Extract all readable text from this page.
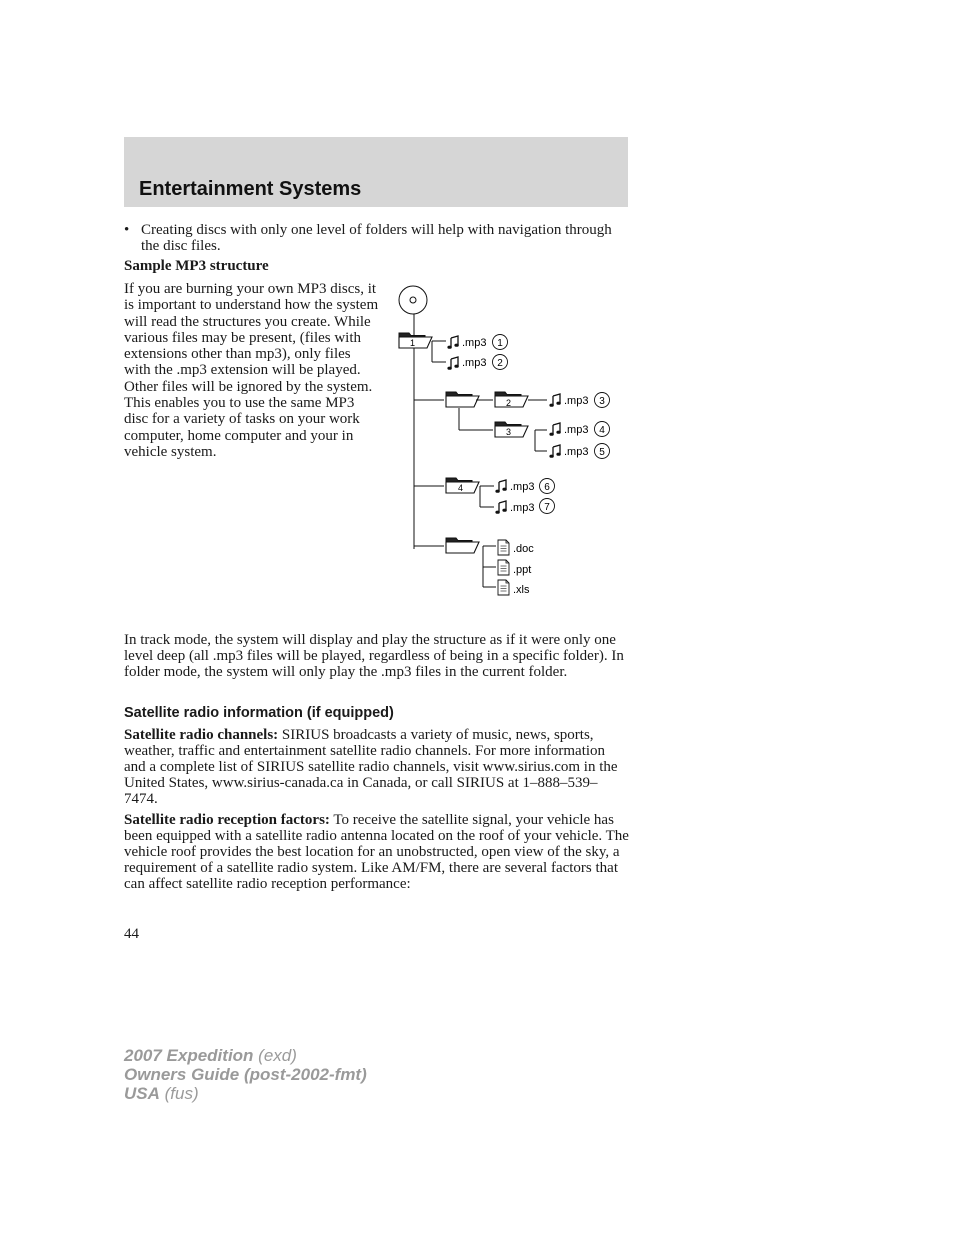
Entertainment Systems
• Creating discs with only one level of folders will help with navigation through the disc files.
Sample MP3 structure
If you are burning your own MP3 discs, it is important to understand how the system will read the structures you create. While various files may be present, (files with extensions other than mp3), only files with the .mp3 extension will be played. Other files will be ignored by the system. This enables you to use the same MP3 disc for a variety of tasks on your work computer, home computer and your in vehicle system.
1	.mp3 1
.mp3 2
2
3
.mp3 3
.mp3 4
.mp3 5
4	.mp3 6
.mp3 7
.doc
.ppt
.xls
In track mode, the system will display and play the structure as if it were only one level deep (all .mp3 files will be played, regardless of being in a specific folder). In folder mode, the system will only play the .mp3 files in the current folder.
Satellite radio information (if equipped)
Satellite radio channels: SIRIUS broadcasts a variety of music, news, sports, weather, traffic and entertainment satellite radio channels. For more information and a complete list of SIRIUS satellite radio channels, visit www.sirius.com in the United States, www.sirius-canada.ca in Canada, or call SIRIUS at 1–888–539–7474.
Satellite radio reception factors: To receive the satellite signal, your vehicle has been equipped with a satellite radio antenna located on the roof of your vehicle. The vehicle roof provides the best location for an unobstructed, open view of the sky, a requirement of a satellite radio system. Like AM/FM, there are several factors that can affect satellite radio reception performance:
44
2007 Expedition (exd)
Owners Guide (post-2002-fmt)
USA (fus)
